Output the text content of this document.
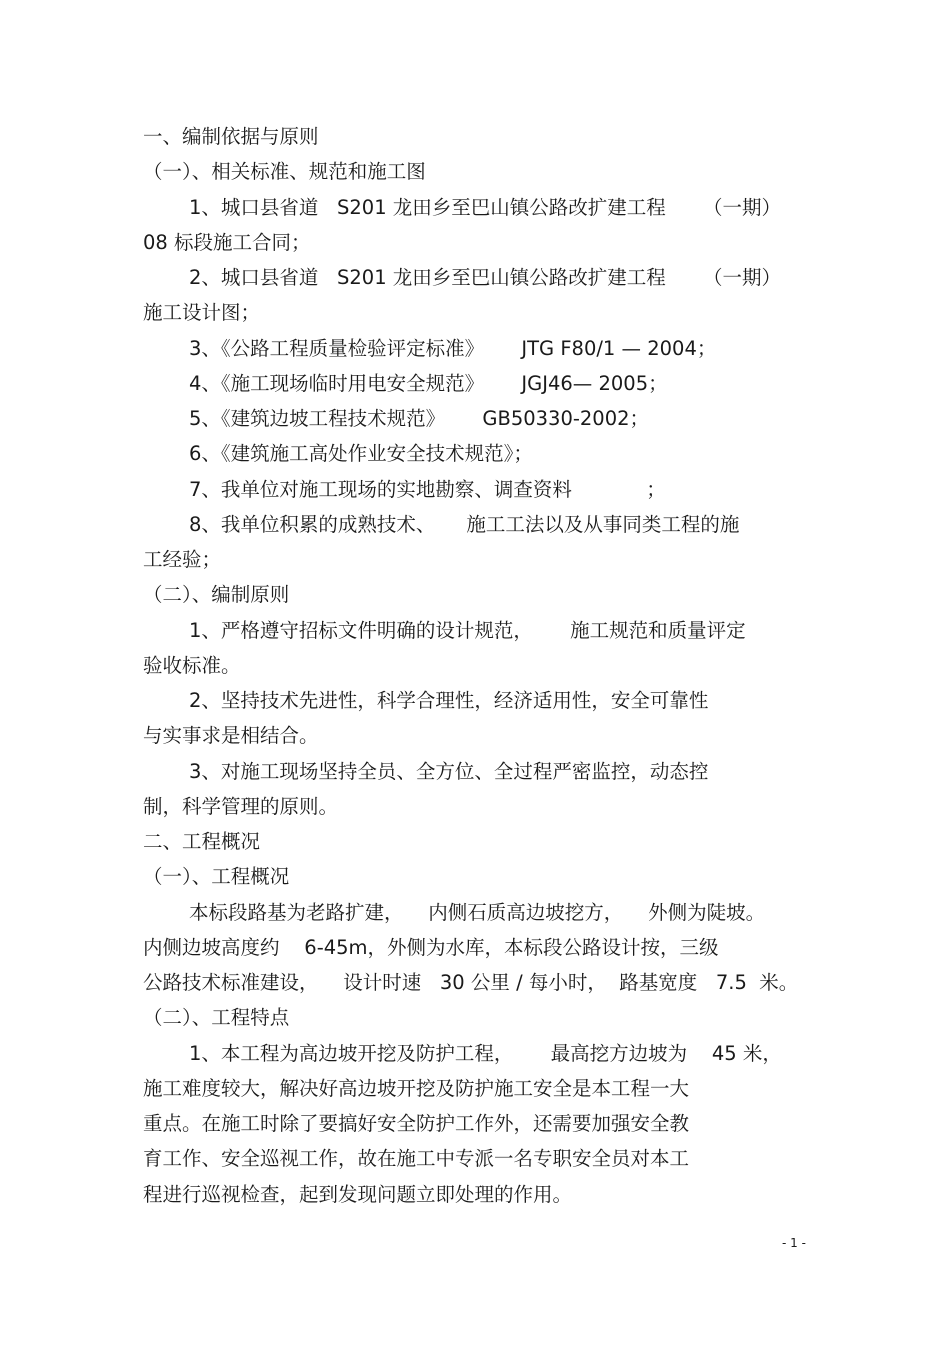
一、编制依据与原则
（一）、相关标准、规范和施工图
1、城口县省道   S201 龙田乡至巴山镇公路改扩建工程      （一期）
08 标段施工合同；
2、城口县省道   S201 龙田乡至巴山镇公路改扩建工程      （一期）
施工设计图；
3、《公路工程质量检验评定标准》      JTG F80/1 — 2004；
4、《施工现场临时用电安全规范》      JGJ46— 2005；
5、《建筑边坡工程技术规范》      GB50330-2002；
6、《建筑施工高处作业安全技术规范》；
7、我单位对施工现场的实地勘察、调查资料            ；
8、我单位积累的成熟技术、     施工工法以及从事同类工程的施
工经验；
（二）、编制原则
1、严格遵守招标文件明确的设计规范，      施工规范和质量评定
验收标准。
2、坚持技术先进性，科学合理性，经济适用性，安全可靠性
与实事求是相结合。
3、对施工现场坚持全员、全方位、全过程严密监控，动态控
制，科学管理的原则。
二、工程概况
（一）、工程概况
本标段路基为老路扩建，    内侧石质高边坡挖方，    外侧为陡坡。
内侧边坡高度约    6-45m，外侧为水库，本标段公路设计按，三级
公路技术标准建设，    设计时速   30 公里 / 每小时，  路基宽度   7.5  米。
（二）、工程特点
1、本工程为高边坡开挖及防护工程，      最高挖方边坡为    45 米，
施工难度较大，解决好高边坡开挖及防护施工安全是本工程一大
重点。在施工时除了要搞好安全防护工作外，还需要加强安全教
育工作、安全巡视工作，故在施工中专派一名专职安全员对本工
程进行巡视检查，起到发现问题立即处理的作用。
- 1 -
